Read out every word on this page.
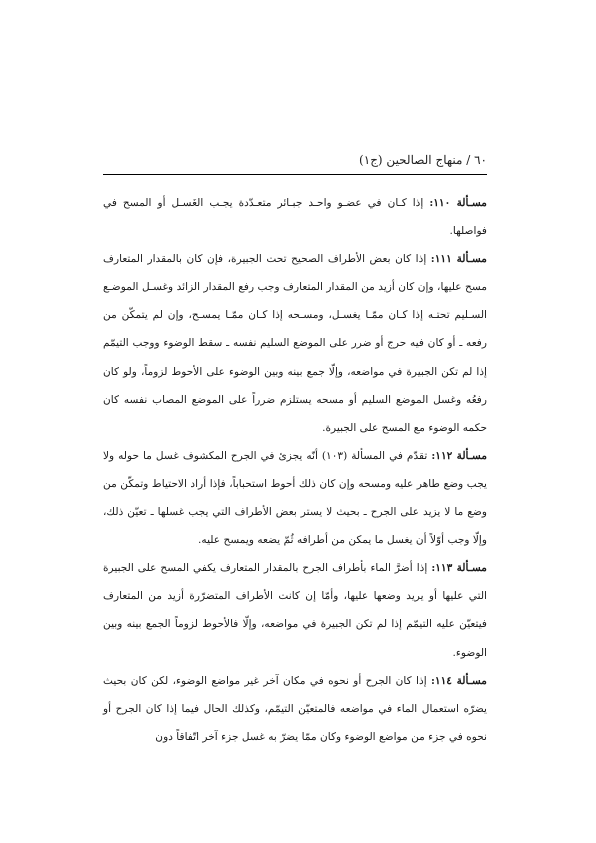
٦٠ / منهاج الصالحين (ج١)

مسـألة ١١٠: إذا كـان في عضـو واحـد جبـائر متعـدّدة يجـب الغَسـل أو المسح في فواصلها.

مسـألة ١١١: إذا كان بعض الأطراف الصحيح تحت الجبيرة، فإن كان بالمقدار المتعارف مسح عليها، وإن كان أزيد من المقدار المتعارف وجب رفع المقدار الزائد وغسـل الموضـع السـليم تحتـه إذا كـان ممّـا يغسـل، ومسـحه إذا كـان ممّـا يمسـح، وإن لم يتمكّن من رفعه ـ أو كان فيه حرج أو ضرر على الموضع السليم نفسه ـ سقط الوضوء ووجب التيمّم إذا لم تكن الجبيرة في مواضعه، وإلّا جمع بينه وبين الوضوء على الأحوط لزوماً، ولو كان رفعُه وغسل الموضع السليم أو مسحه يستلزم ضرراً على الموضع المصاب نفسه كان حكمه الوضوء مع المسح على الجبيرة.

مسـألة ١١٢: تقدّم في المسألة (١٠٣) أنّه يجزئ في الجرح المكشوف غسل ما حوله ولا يجب وضع طاهر عليه ومسحه وإن كان ذلك أحوط استحباباً، فإذا أراد الاحتياط وتمكّن من وضع ما لا يزيد على الجرح ـ بحيث لا يستر بعض الأطراف التي يجب غسلها ـ تعيّن ذلك، وإلّا وجب أوّلاً أن يغسل ما يمكن من أطرافه ثُمّ يضعه ويمسح عليه.

مسـألة ١١٣: إذا أضرَّ الماء بأطراف الجرح بالمقدار المتعارف يكفي المسح على الجبيرة التي عليها أو يريد وضعها عليها، وأمّا إن كانت الأطراف المتضرّرة أزيد من المتعارف فيتعيّن عليه التيمّم إذا لم تكن الجبيرة في مواضعه، وإلّا فالأحوط لزوماً الجمع بينه وبين الوضوء.

مسـألة ١١٤: إذا كان الجرح أو نحوه في مكان آخر غير مواضع الوضوء، لكن كان بحيث يضرّه استعمال الماء في مواضعه فالمتعيّن التيمّم، وكذلك الحال فيما إذا كان الجرح أو نحوه في جزء من مواضع الوضوء وكان ممّا يضرّ به غسل جزء آخر اتّفاقاً دون
